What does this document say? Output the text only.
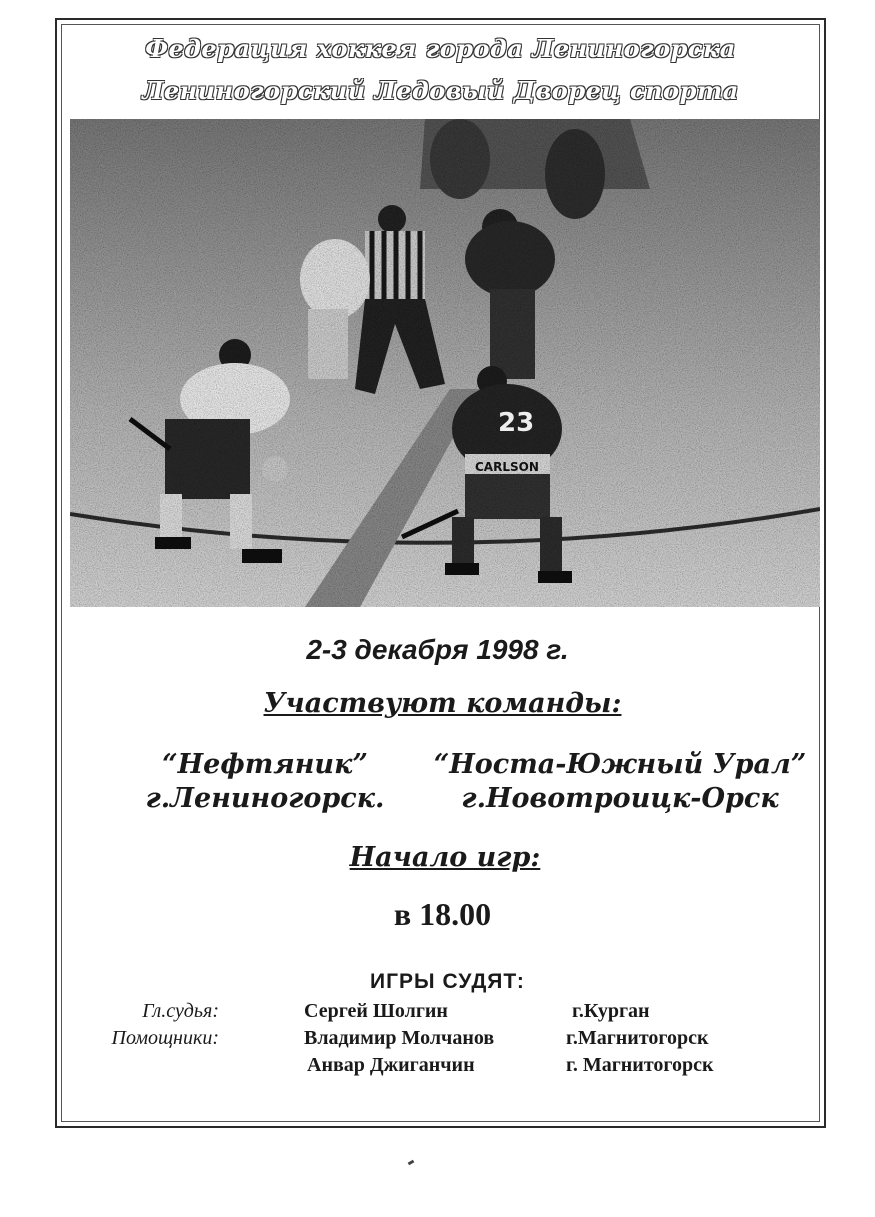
Федерация хоккея города Лениногорска
Лениногорский Ледовый Дворец спорта
23
CARLSON
2-3 декабря 1998 г.
Участвуют команды:
“Нефтяник”
г.Лениногорск.
“Носта-Южный Урал”
г.Новотроицк-Орск
Начало игр:
в 18.00
ИГРЫ СУДЯТ:
Гл.судья:	Сергей Шолгин	г.Курган
Помощники:	Владимир Молчанов	г.Магнитогорск
Анвар Джиганчин	г. Магнитогорск
